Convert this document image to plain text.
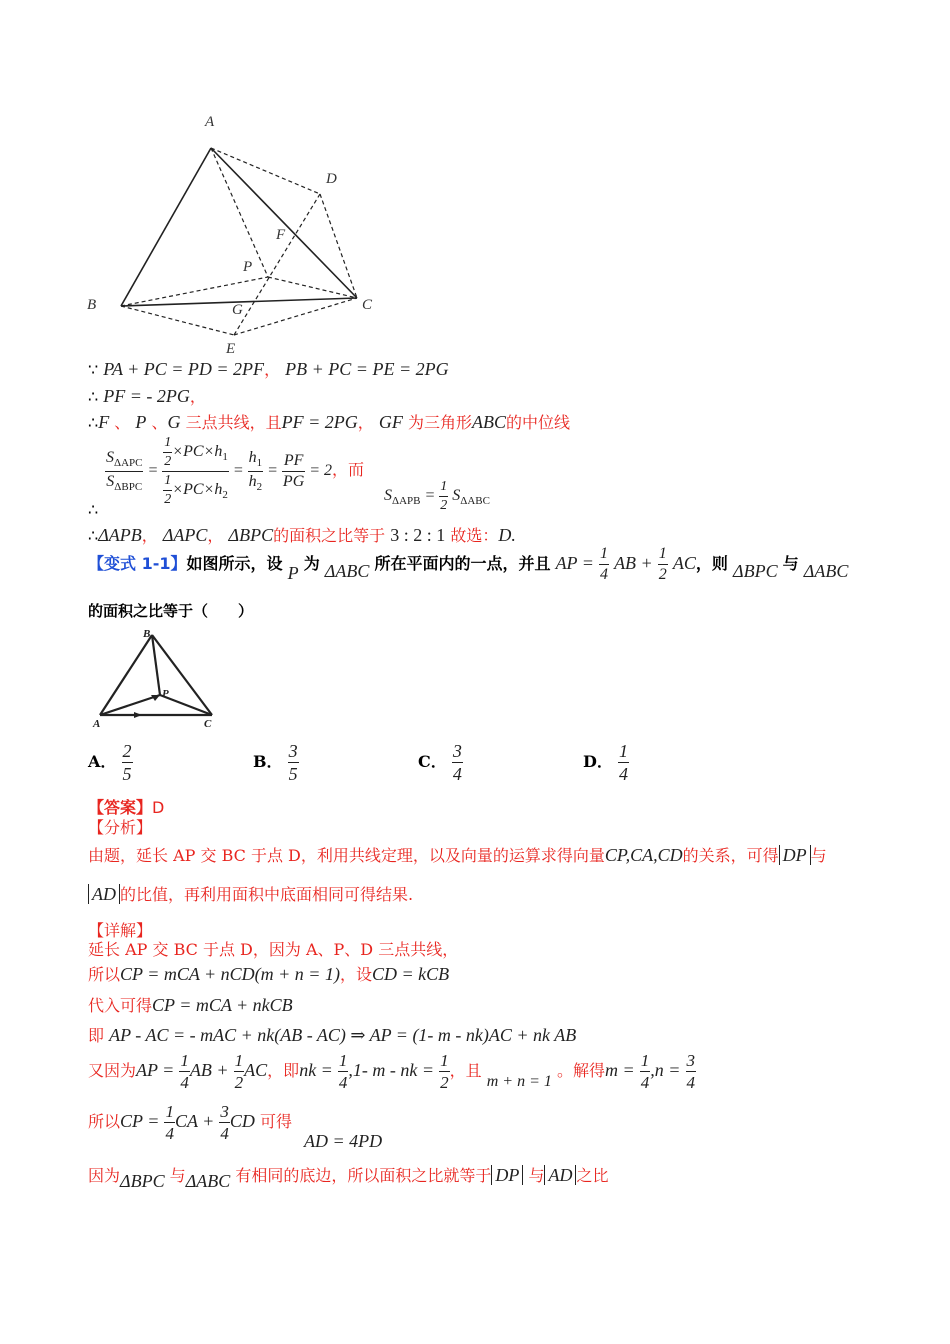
A
D
F
P
B	C
G
E
∵ PA + PC = PD = 2PF， PB + PC = PE = 2PG
∴ PF = - 2PG，
∴F 、 P 、G 三点共线，且PF = 2PG， GF 为三角形ABC的中位线
$\frac{S_{\Delta APC}}{S_{\Delta BPC}} = \frac{\frac{1}{2} \times PC\times h_1}{\frac{1}{2} \times PC\times h_2} = \frac{h_1}{h_2} = \frac{PF}{PG} = 2$，而
$S_{\Delta APB} = \frac{1}{2} S_{\Delta ABC}$
∴
∴ΔAPB， ΔAPC， ΔBPC的面积之比等于 3 : 2 : 1 故选：D.
【变式 1-1】如图所示，设 P 为 ΔABC 所在平面内的一点，并且 AP = $\frac{1}{4}$ AB + $\frac{1}{2}$ AC，则 ΔBPC 与 ΔABC
的面积之比等于（　　）
B
P
A	C
A． $\frac{2}{5}$	B． $\frac{3}{5}$	C． $\frac{3}{4}$	D． $\frac{1}{4}$
【答案】D
【分析】
由题，延长 AP 交 BC 于点 D，利用共线定理，以及向量的运算求得向量CP,CA,CD的关系，可得 DP 与
AD 的比值，再利用面积中底面相同可得结果.
【详解】
延长 AP 交 BC 于点 D，因为 A、P、D 三点共线，
所以CP = mCA + nCD(m + n = 1)，设CD = kCB
代入可得CP = mCA + nkCB
即 AP - AC = - mAC + nk(AB - AC) ⇒ AP = (1- m - nk)AC + nk AB
又因为AP = $\frac{1}{4}$ AB + $\frac{1}{2}$ AC，即nk = $\frac{1}{4} ,1-$ m - nk = $\frac{1}{2}$ ，且 m + n = 1 。解得$m = \frac{1}{4} ,n = \frac{3}{4}$
所以CP = $\frac{1}{4}$ CA + $\frac{3}{4}$ CD 可得
AD = 4PD
因为ΔBPC 与ΔABC 有相同的底边，所以面积之比就等于 DP 与 AD 之比
